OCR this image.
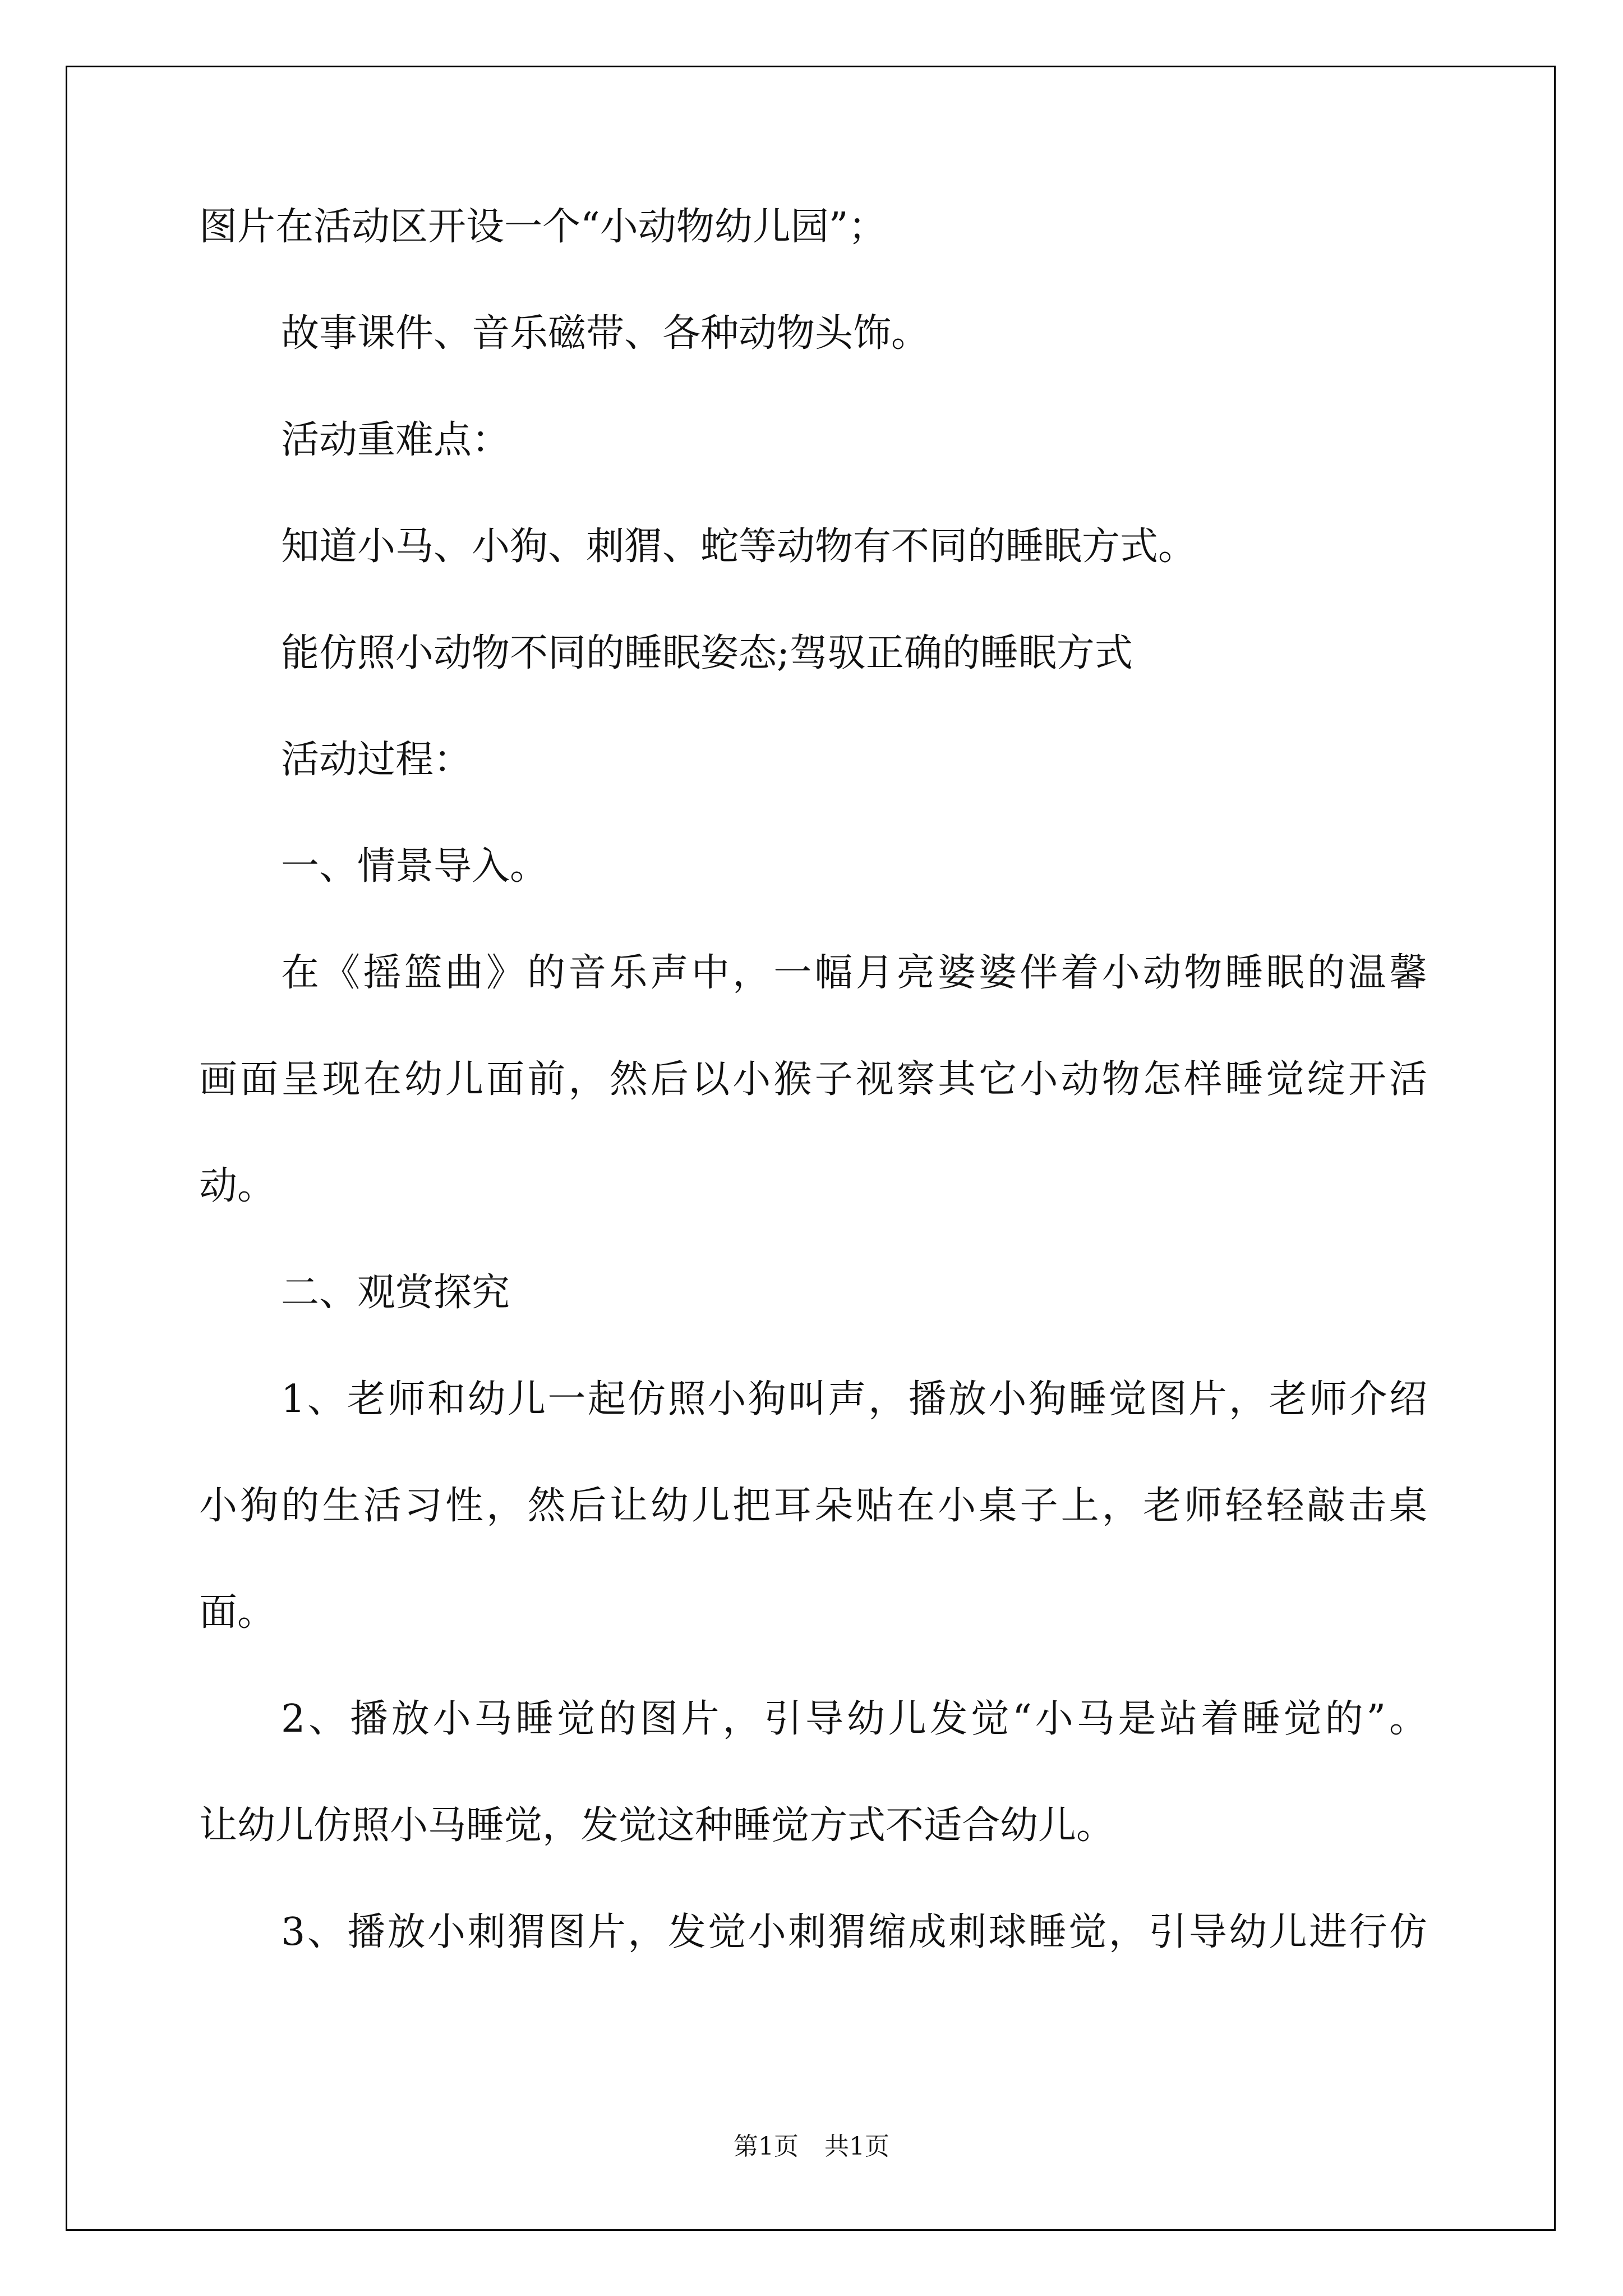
图片在活动区开设一个“小动物幼儿园”；
故事课件、音乐磁带、各种动物头饰。
活动重难点：
知道小马、小狗、刺猬、蛇等动物有不同的睡眠方式。
能仿照小动物不同的睡眠姿态;驾驭正确的睡眠方式
活动过程：
一、情景导入。
在《摇篮曲》的音乐声中，一幅月亮婆婆伴着小动物睡眠的温馨
画面呈现在幼儿面前，然后以小猴子视察其它小动物怎样睡觉绽开活
动。
二、观赏探究
1、老师和幼儿一起仿照小狗叫声，播放小狗睡觉图片，老师介绍
小狗的生活习性，然后让幼儿把耳朵贴在小桌子上，老师轻轻敲击桌
面。
2、播放小马睡觉的图片，引导幼儿发觉“小马是站着睡觉的”。
让幼儿仿照小马睡觉，发觉这种睡觉方式不适合幼儿。
3、播放小刺猬图片，发觉小刺猬缩成刺球睡觉，引导幼儿进行仿
第1页 共1页
